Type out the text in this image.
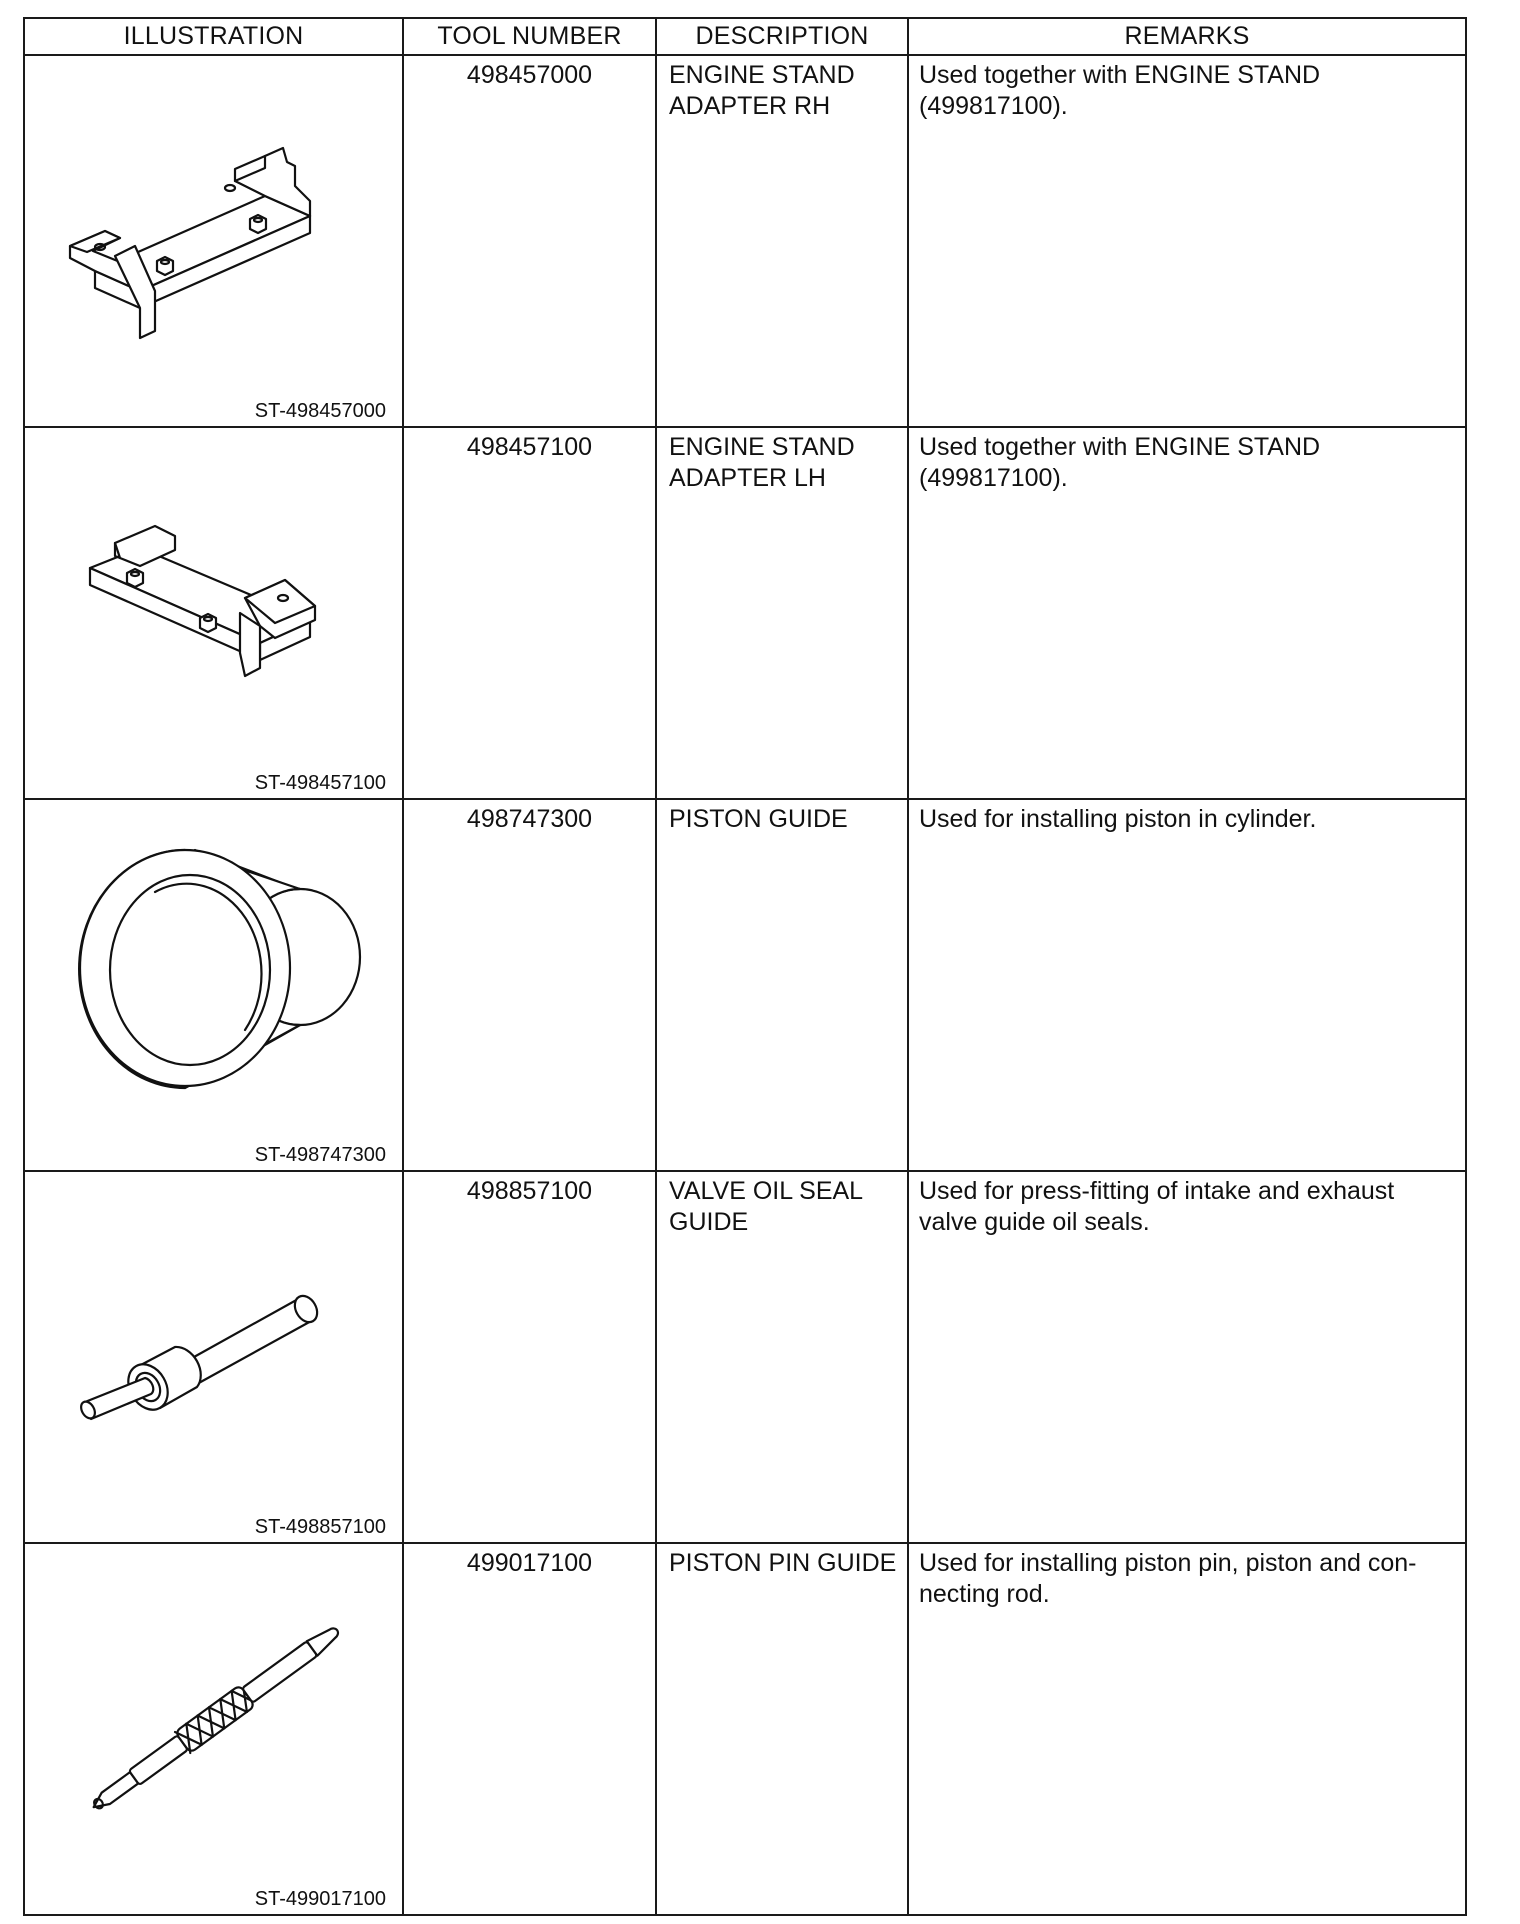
ILLUSTRATION	TOOL NUMBER	DESCRIPTION	REMARKS

ST-498457000	498457000	ENGINE STAND ADAPTER RH	Used together with ENGINE STAND (499817100).

ST-498457100	498457100	ENGINE STAND ADAPTER LH	Used together with ENGINE STAND (499817100).

ST-498747300	498747300	PISTON GUIDE	Used for installing piston in cylinder.

ST-498857100	498857100	VALVE OIL SEAL GUIDE	Used for press-fitting of intake and exhaust valve guide oil seals.

ST-499017100	499017100	PISTON PIN GUIDE	Used for installing piston pin, piston and con-necting rod.
